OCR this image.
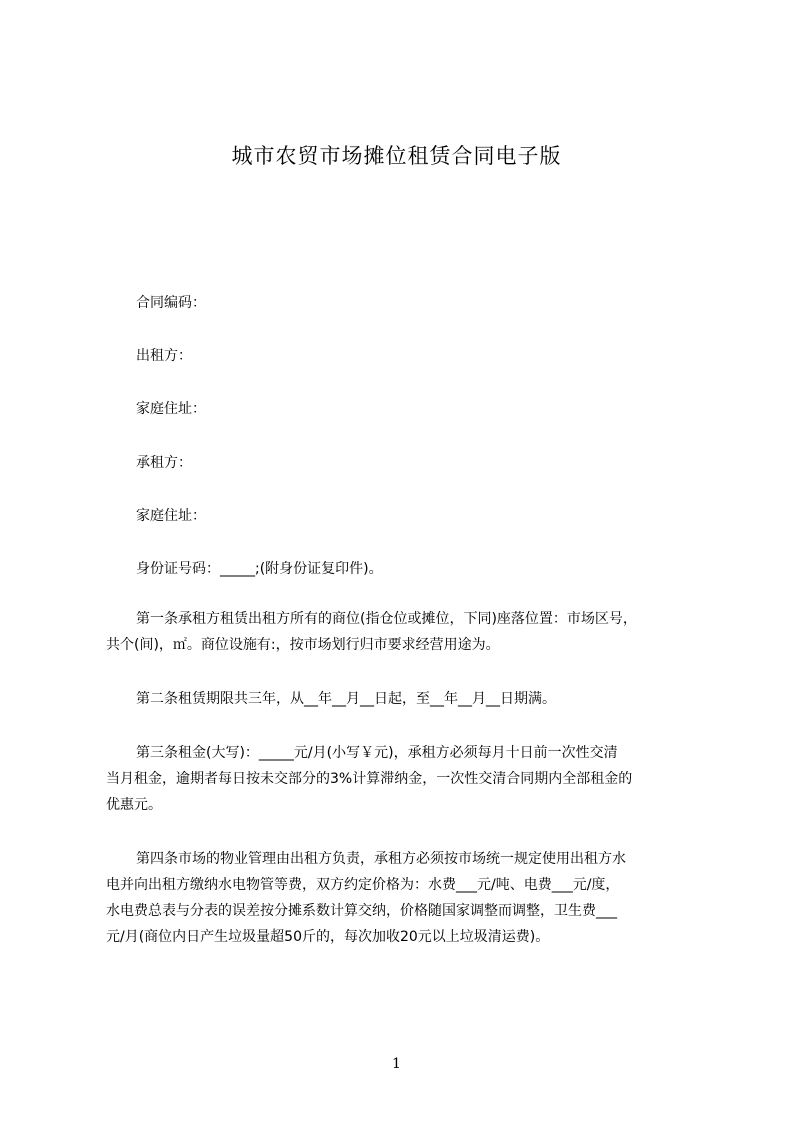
城市农贸市场摊位租赁合同电子版
合同编码：
出租方：
家庭住址：
承租方：
家庭住址：
身份证号码：_____;(附身份证复印件)。
第一条承租方租赁出租方所有的商位(指仓位或摊位，下同)座落位置：市场区号，
共个(间)，㎡。商位设施有:，按市场划行归市要求经营用途为。
第二条租赁期限共三年，从__年__月__日起，至__年__月__日期满。
第三条租金(大写)：_____元/月(小写￥元)，承租方必须每月十日前一次性交清
当月租金，逾期者每日按未交部分的3%计算滞纳金，一次性交清合同期内全部租金的
优惠元。
第四条市场的物业管理由出租方负责，承租方必须按市场统一规定使用出租方水
电并向出租方缴纳水电物管等费，双方约定价格为：水费___元/吨、电费___元/度，
水电费总表与分表的误差按分摊系数计算交纳，价格随国家调整而调整，卫生费___
元/月(商位内日产生垃圾量超50斤的，每次加收20元以上垃圾清运费)。
1
